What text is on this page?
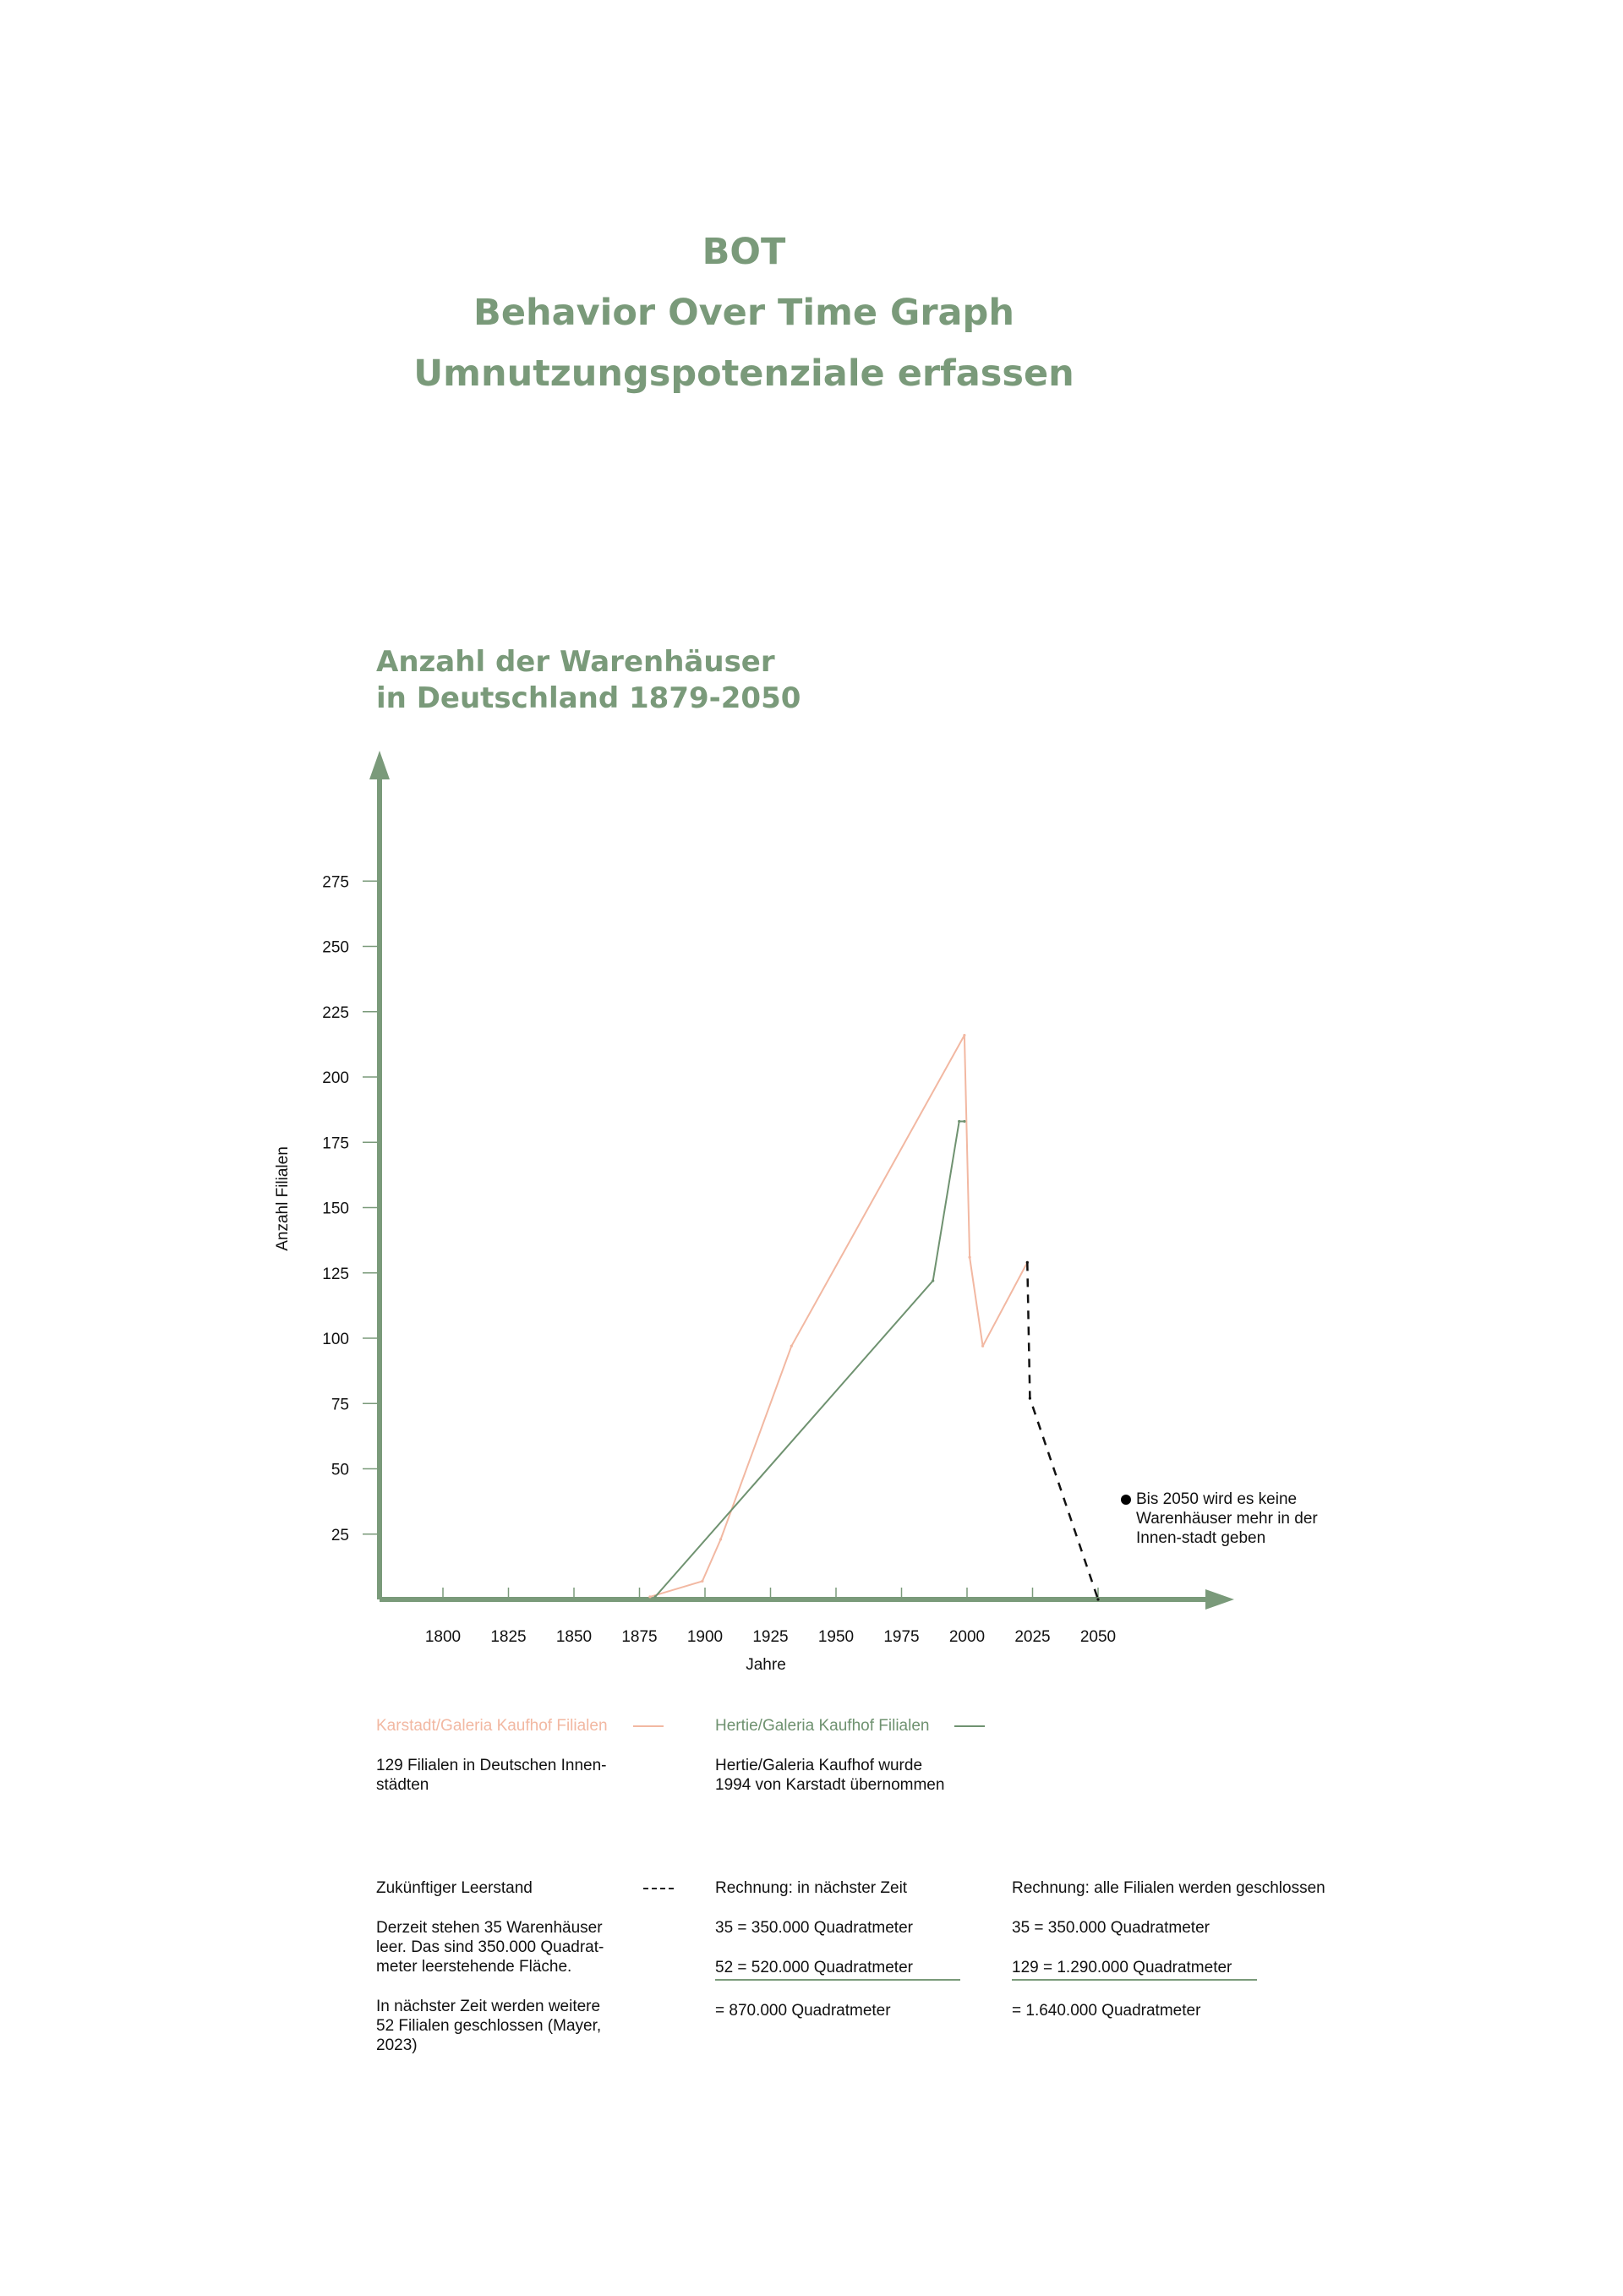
BOT
Behavior Over Time Graph
Umnutzungspotenziale erfassen
Anzahl der Warenhäuser
in Deutschland 1879-2050
1800 1825 1850 1875 1900 1925 1950 1975 2000 2025 2050
25
50
75
100
125
150
175
200
225
250
275
Anzahl Filialen
Jahre
Bis 2050 wird es keine Warenhäuser mehr in der Innen-stadt geben
Karstadt/Galeria Kaufhof Filialen

129 Filialen in Deutschen Innen-

städten

Hertie/Galeria Kaufhof Filialen

Hertie/Galeria Kaufhof wurde

1994 von Karstadt übernommen

Zukünftiger Leerstand

Derzeit stehen 35 Warenhäuser

leer. Das sind 350.000 Quadrat-

meter leerstehende Fläche.

In nächster Zeit werden weitere

52 Filialen geschlossen (Mayer,

2023)

Rechnung: in nächster Zeit

35 = 350.000 Quadratmeter

52 = 520.000 Quadratmeter

= 870.000 Quadratmeter

Rechnung: alle Filialen werden geschlossen

35 = 350.000 Quadratmeter

129 = 1.290.000 Quadratmeter

= 1.640.000 Quadratmeter
